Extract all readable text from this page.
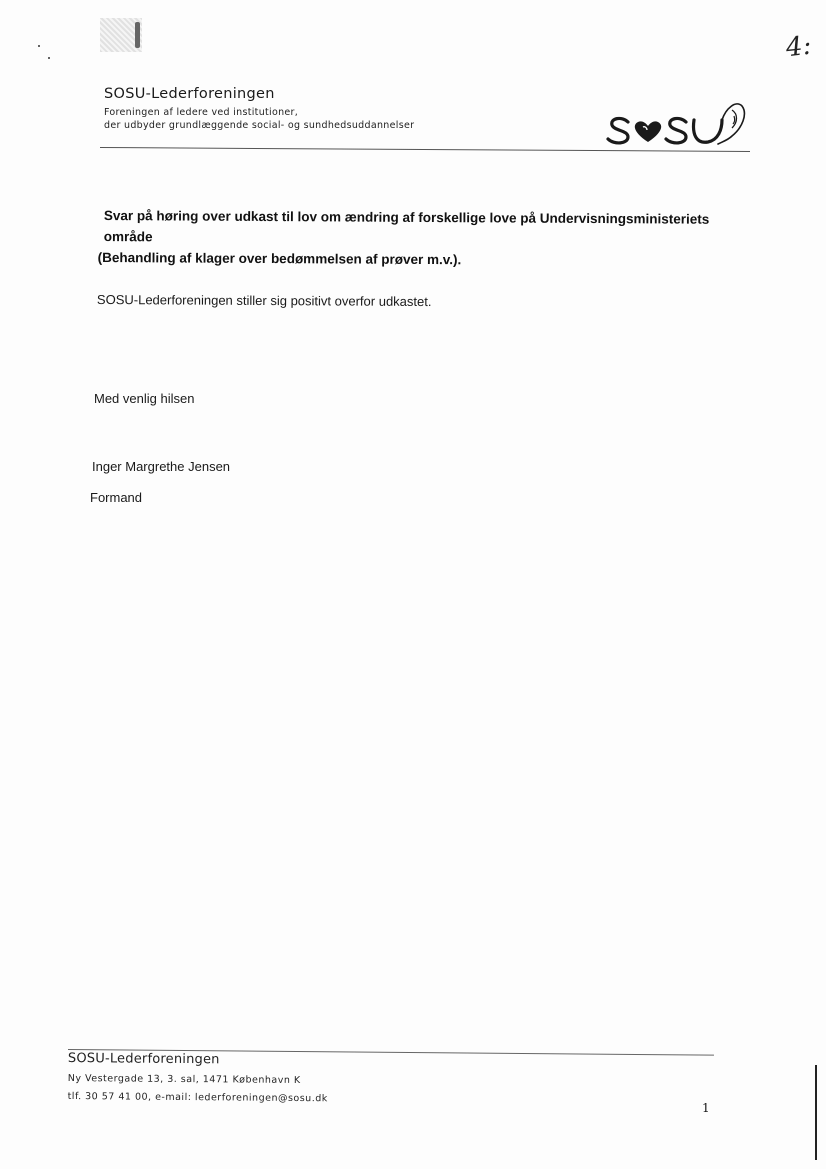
4:
SOSU-Lederforeningen
Foreningen af ledere ved institutioner,
der udbyder grundlæggende social- og sundhedsuddannelser

Svar på høring over udkast til lov om ændring af forskellige love på Undervisningsministeriets område

(Behandling af klager over bedømmelsen af prøver m.v.).

SOSU-Lederforeningen stiller sig positivt overfor udkastet.
Med venlig hilsen
Inger Margrethe Jensen
Formand
SOSU-Lederforeningen
Ny Vestergade 13, 3. sal, 1471 København K
tlf. 30 57 41 00, e-mail: lederforeningen@sosu.dk
1
